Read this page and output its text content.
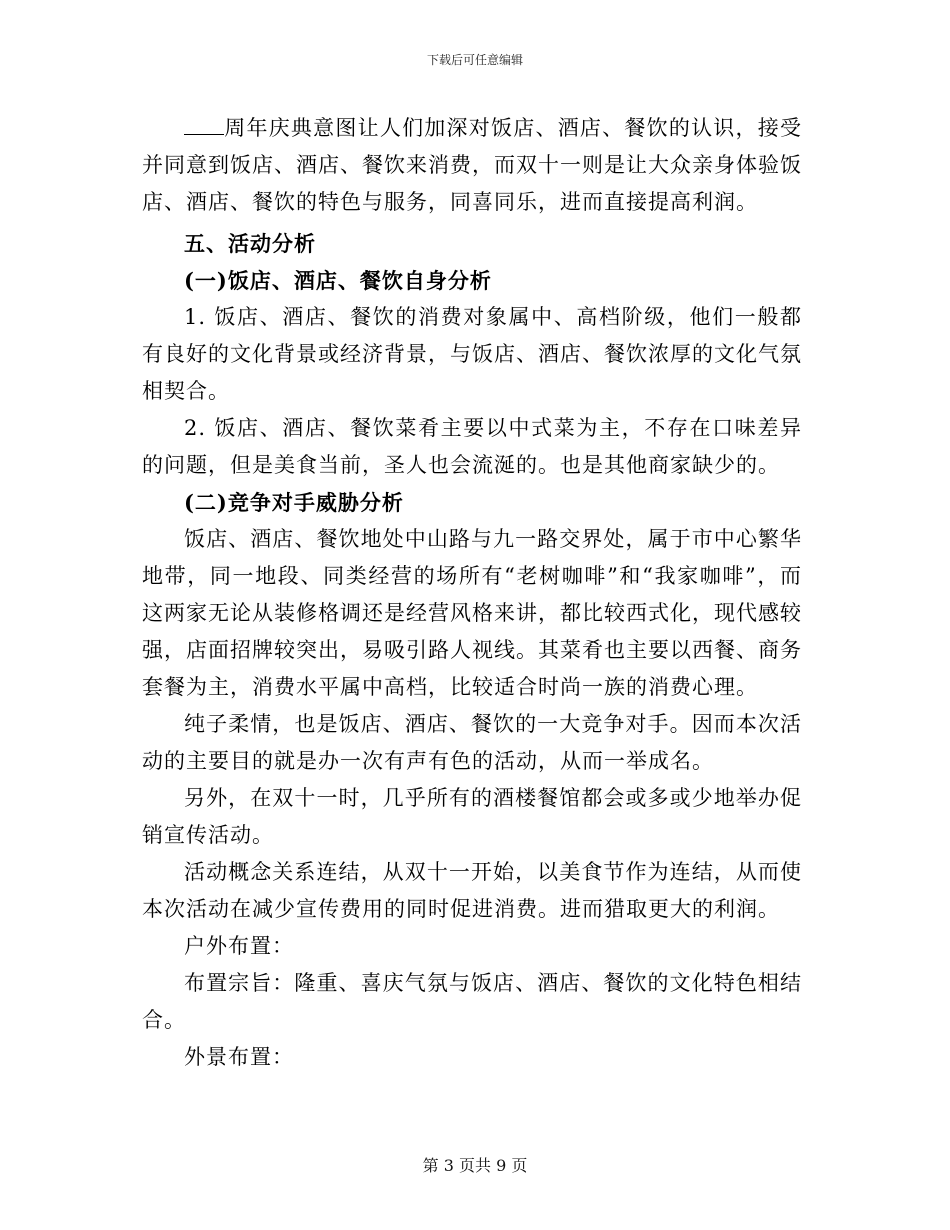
下载后可任意编辑

周年庆典意图让人们加深对饭店、酒店、餐饮的认识，接受并同意到饭店、酒店、餐饮来消费，而双十一则是让大众亲身体验饭店、酒店、餐饮的特色与服务，同喜同乐，进而直接提高利润。

五、活动分析

(一)饭店、酒店、餐饮自身分析

1. 饭店、酒店、餐饮的消费对象属中、高档阶级，他们一般都有良好的文化背景或经济背景，与饭店、酒店、餐饮浓厚的文化气氛相契合。

2. 饭店、酒店、餐饮菜肴主要以中式菜为主，不存在口味差异的问题，但是美食当前，圣人也会流涎的。也是其他商家缺少的。

(二)竞争对手威胁分析

饭店、酒店、餐饮地处中山路与九一路交界处，属于市中心繁华地带，同一地段、同类经营的场所有“老树咖啡”和“我家咖啡”，而这两家无论从装修格调还是经营风格来讲，都比较西式化，现代感较强，店面招牌较突出，易吸引路人视线。其菜肴也主要以西餐、商务套餐为主，消费水平属中高档，比较适合时尚一族的消费心理。

纯子柔情，也是饭店、酒店、餐饮的一大竞争对手。因而本次活动的主要目的就是办一次有声有色的活动，从而一举成名。

另外，在双十一时，几乎所有的酒楼餐馆都会或多或少地举办促销宣传活动。

活动概念关系连结，从双十一开始，以美食节作为连结，从而使本次活动在减少宣传费用的同时促进消费。进而猎取更大的利润。

户外布置：

布置宗旨：隆重、喜庆气氛与饭店、酒店、餐饮的文化特色相结合。

外景布置：

第 3 页共 9 页
